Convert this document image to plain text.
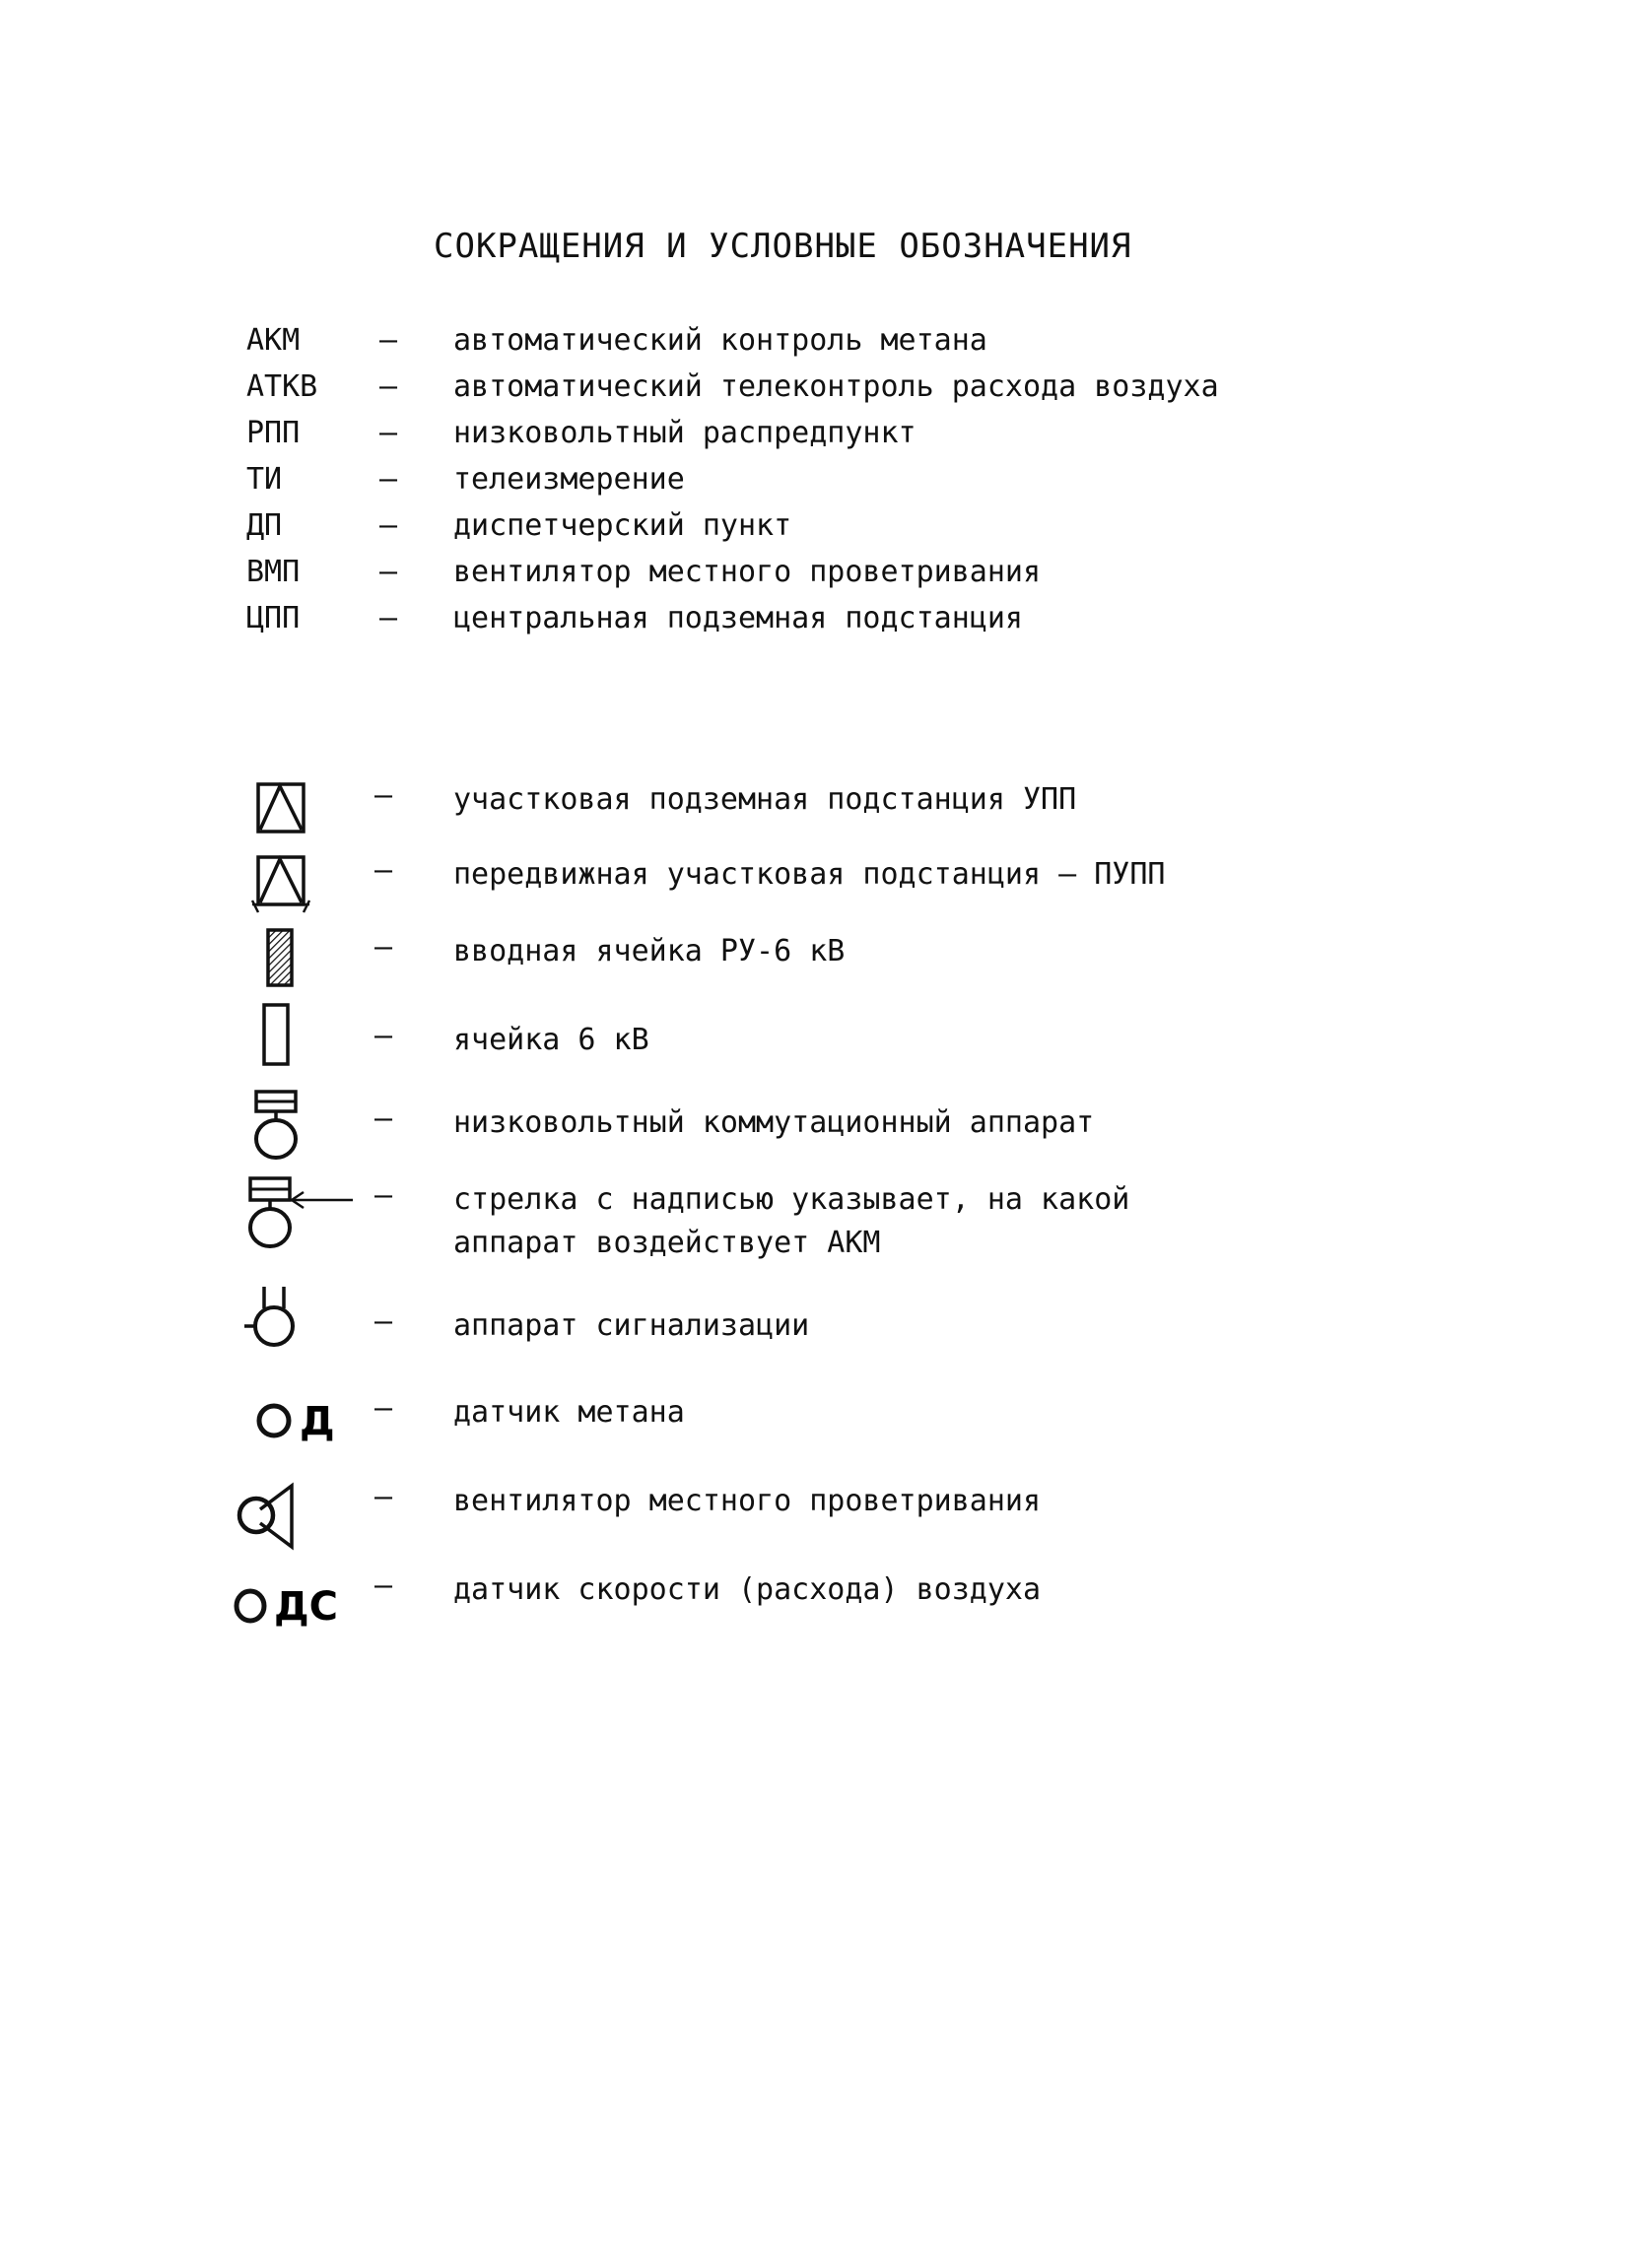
СОКРАЩЕНИЯ И УСЛОВНЫЕ ОБОЗНАЧЕНИЯ
АКМ	–	автоматический контроль метана
АТКВ	–	автоматический телеконтроль расхода воздуха
РПП	–	низковольтный распредпункт
ТИ	–	телеизмерение
ДП	–	диспетчерский пункт
ВМП	–	вентилятор местного проветривания
ЦПП	–	центральная подземная подстанция
–	участковая подземная подстанция УПП
–	передвижная участковая подстанция – ПУПП
–	вводная ячейка РУ-6 кВ
–	ячейка 6 кВ
–	низковольтный коммутационный аппарат
–	стрелка с надписью указывает, на какой
аппарат воздействует АКМ
–	аппарат сигнализации
Д –	датчик метана
–	вентилятор местного проветривания
ДС –	датчик скорости (расхода) воздуха
